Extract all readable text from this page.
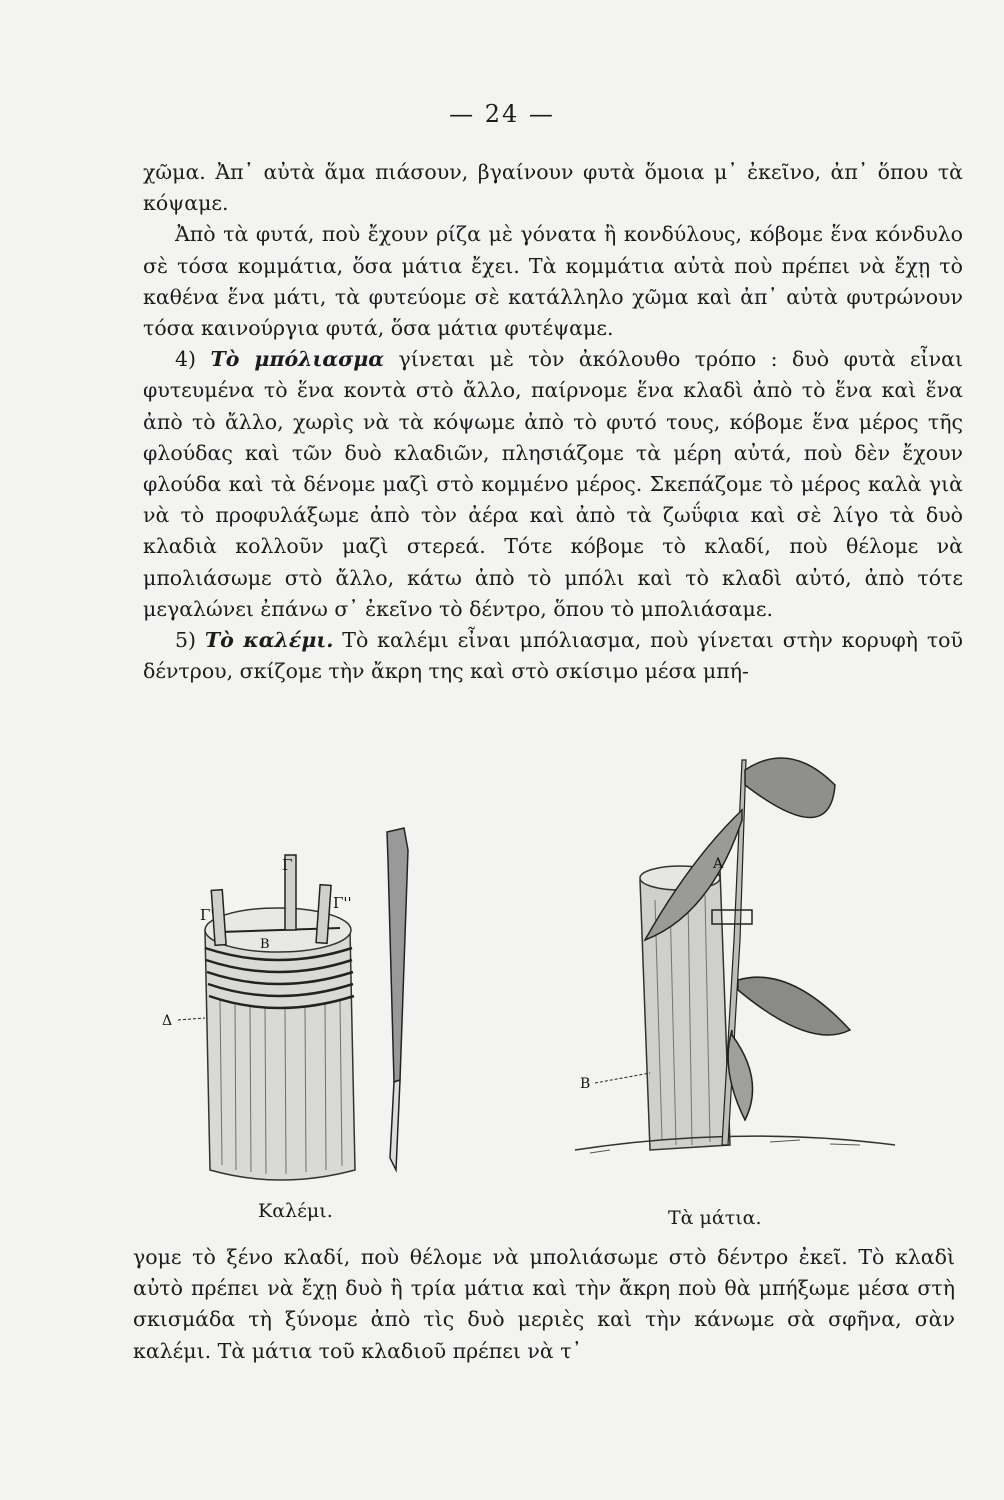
— 24 —

χῶμα. Ἀπ᾽ αὐτὰ ἅμα πιάσουν, βγαίνουν φυτὰ ὅμοια μ᾽ ἐκεῖνο, ἀπ᾽ ὅπου τὰ κόψαμε.

Ἀπὸ τὰ φυτά, ποὺ ἔχουν ρίζα μὲ γόνατα ἢ κονδύλους, κόβομε ἕνα κόνδυλο σὲ τόσα κομμάτια, ὅσα μάτια ἔχει. Τὰ κομμάτια αὐτὰ ποὺ πρέπει νὰ ἔχῃ τὸ καθένα ἕνα μάτι, τὰ φυτεύομε σὲ κατάλληλο χῶμα καὶ ἀπ᾽ αὐτὰ φυτρώνουν τόσα καινούργια φυτά, ὅσα μάτια φυτέψαμε.

4) Τὸ μπόλιασμα γίνεται μὲ τὸν ἀκόλουθο τρόπο : δυὸ φυτὰ εἶναι φυτευμένα τὸ ἕνα κοντὰ στὸ ἄλλο, παίρνομε ἕνα κλαδὶ ἀπὸ τὸ ἕνα καὶ ἕνα ἀπὸ τὸ ἄλλο, χωρὶς νὰ τὰ κόψωμε ἀπὸ τὸ φυτό τους, κόβομε ἕνα μέρος τῆς φλούδας καὶ τῶν δυὸ κλαδιῶν, πλησιάζομε τὰ μέρη αὐτά, ποὺ δὲν ἔχουν φλούδα καὶ τὰ δένομε μαζὶ στὸ κομμένο μέρος. Σκεπάζομε τὸ μέρος καλὰ γιὰ νὰ τὸ προφυλάξωμε ἀπὸ τὸν ἀέρα καὶ ἀπὸ τὰ ζωΰφια καὶ σὲ λίγο τὰ δυὸ κλαδιὰ κολλοῦν μαζὶ στερεά. Τότε κόβομε τὸ κλαδί, ποὺ θέλομε νὰ μπολιάσωμε στὸ ἄλλο, κάτω ἀπὸ τὸ μπόλι καὶ τὸ κλαδὶ αὐτό, ἀπὸ τότε μεγαλώνει ἐπάνω σ᾽ ἐκεῖνο τὸ δέντρο, ὅπου τὸ μπολιάσαμε.

5) Τὸ καλέμι. Τὸ καλέμι εἶναι μπόλιασμα, ποὺ γίνεται στὴν κορυφὴ τοῦ δέντρου, σκίζομε τὴν ἄκρη της καὶ στὸ σκίσιμο μέσα μπή-

Γ
Γ'
Γ''
Δ
Β
Καλέμι.
Α
Β
Τὰ μάτια.

γομε τὸ ξένο κλαδί, ποὺ θέλομε νὰ μπολιάσωμε στὸ δέντρο ἐκεῖ. Τὸ κλαδὶ αὐτὸ πρέπει νὰ ἔχῃ δυὸ ἢ τρία μάτια καὶ τὴν ἄκρη ποὺ θὰ μπήξωμε μέσα στὴ σκισμάδα τὴ ξύνομε ἀπὸ τὶς δυὸ μεριὲς καὶ τὴν κάνωμε σὰ σφῆνα, σὰν καλέμι. Τὰ μάτια τοῦ κλαδιοῦ πρέπει νὰ τ᾽
